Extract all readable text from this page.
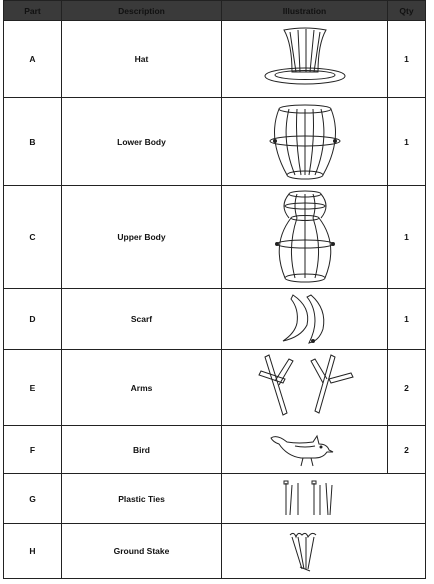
Part	Description	Illustration	Qty
A	Hat		1
B	Lower Body		1
C	Upper Body		1
D	Scarf		1
E	Arms		2
F	Bird		2
G	Plastic Ties	

H	Ground Stake	
